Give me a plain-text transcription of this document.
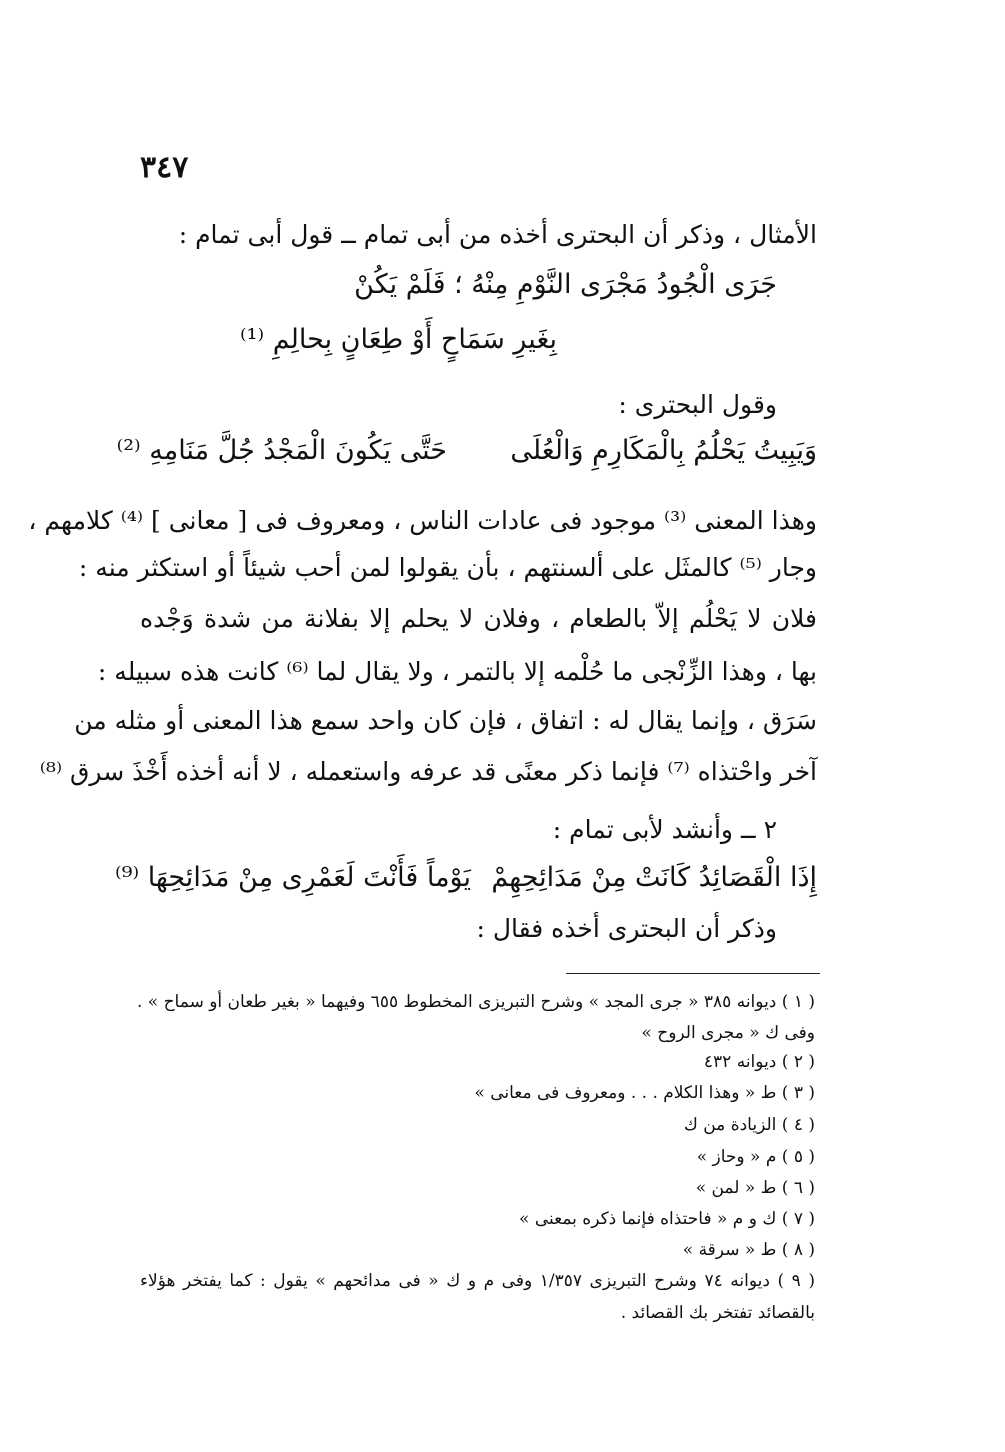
٣٤٧
الأمثال ، وذكر أن البحترى أخذه من أبى تمام ــ قول أبى تمام :
جَرَى الْجُودُ مَجْرَى النَّوْمِ مِنْهُ ؛ فَلَمْ يَكُنْ
بِغَيرِ سَمَاحٍ أَوْ طِعَانٍ بِحالِمِ ⁽¹⁾
وقول البحترى :
وَيَبِيتُ يَحْلُمُ بِالْمَكَارِمِ وَالْعُلَى
حَتَّى يَكُونَ الْمَجْدُ جُلَّ مَنَامِهِ ⁽²⁾
وهذا المعنى ⁽³⁾ موجود فى عادات الناس ، ومعروف فى [ معانى ] ⁽⁴⁾ كلامهم ،
وجار ⁽⁵⁾ كالمثَل على ألسنتهم ، بأن يقولوا لمن أحب شيئاً أو استكثر منه :
فلان لا يَحْلُم إلاّ بالطعام ، وفلان لا يحلم إلا بفلانة من شدة وَجْده
بها ، وهذا الزِّنْجى ما حُلْمه إلا بالتمر ، ولا يقال لما ⁽⁶⁾ كانت هذه سبيله :
سَرَق ، وإنما يقال له : اتفاق ، فإن كان واحد سمع هذا المعنى أو مثله من
آخر واحْتذاه ⁽⁷⁾ فإنما ذكر معنًى قد عرفه واستعمله ، لا أنه أخذه أَخْذَ سرق ⁽⁸⁾
٢ ــ وأنشد لأبى تمام :
إِذَا الْقَصَائِدُ كَانَتْ مِنْ مَدَائِحِهِمْ
يَوْماً فَأَنْتَ لَعَمْرِى مِنْ مَدَائِحِهَا ⁽⁹⁾
وذكر أن البحترى أخذه فقال :
( ١ ) ديوانه ٣٨٥ « جرى المجد » وشرح التبريزى المخطوط ٦٥٥ وفيهما « بغير طعان أو سماح » .
وفى ك « مجرى الروح »
( ٢ ) ديوانه ٤٣٢
( ٣ ) ط « وهذا الكلام . . . ومعروف فى معانى »
( ٤ ) الزيادة من ك
( ٥ ) م « وحاز »
( ٦ ) ط « لمن »
( ٧ ) ك و م « فاحتذاه فإنما ذكره بمعنى »
( ٨ ) ط « سرقة »
( ٩ ) ديوانه ٧٤ وشرح التبريزى ١/٣٥٧ وفى م و ك « فى مدائحهم » يقول : كما يفتخر هؤلاء
بالقصائد تفتخر بك القصائد .
